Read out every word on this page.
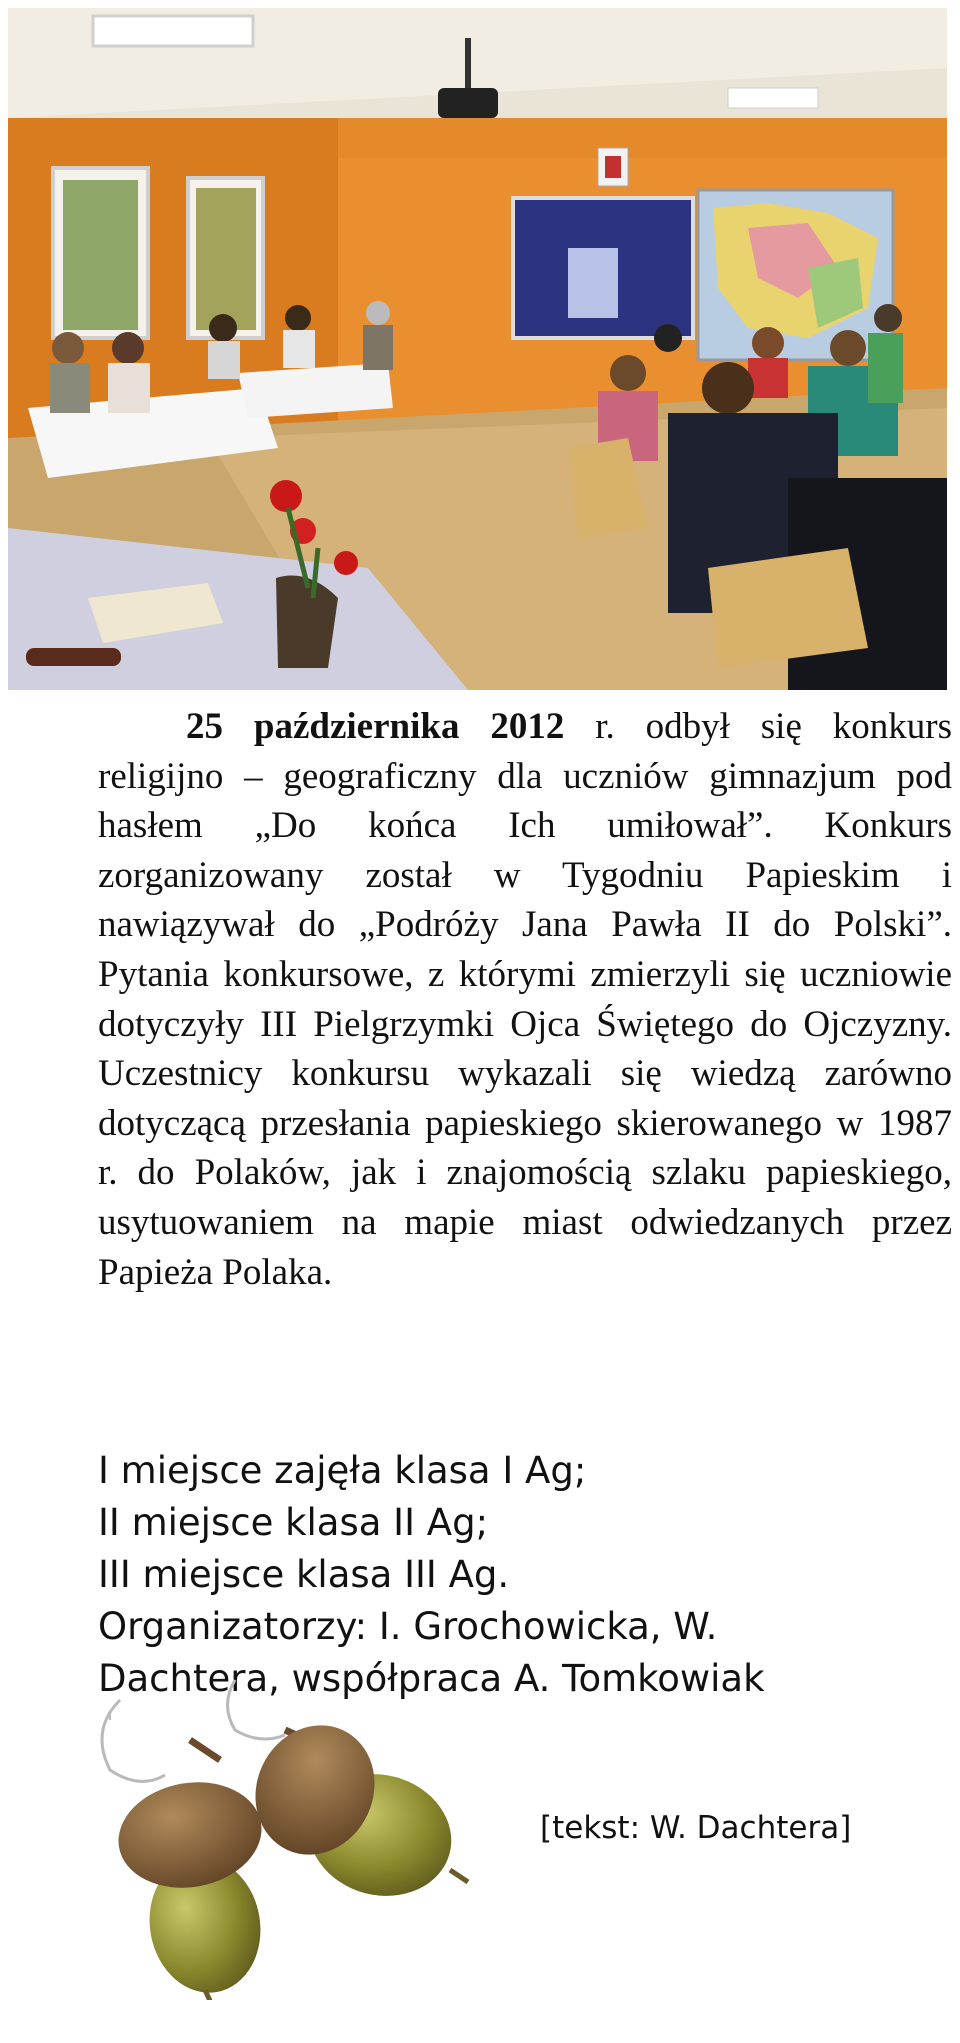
25 października 2012 r. odbył się konkurs religijno – geograficzny dla uczniów gimnazjum pod hasłem „Do końca Ich umiłował”. Konkurs zorganizowany został w Tygodniu Papieskim i nawiązywał do „Podróży Jana Pawła II do Polski”. Pytania konkursowe, z którymi zmierzyli się uczniowie dotyczyły III Pielgrzymki Ojca Świętego do Ojczyzny. Uczestnicy konkursu wykazali się wiedzą zarówno dotyczącą przesłania papieskiego skierowanego w 1987 r. do Polaków, jak i znajomością szlaku papieskiego, usytuowaniem na mapie miast odwiedzanych przez Papieża Polaka.

I miejsce zajęła klasa I Ag;
II miejsce klasa II Ag;
III miejsce klasa III Ag.
Organizatorzy: I. Grochowicka, W.
Dachtera, współpraca A. Tomkowiak
[tekst: W. Dachtera]
